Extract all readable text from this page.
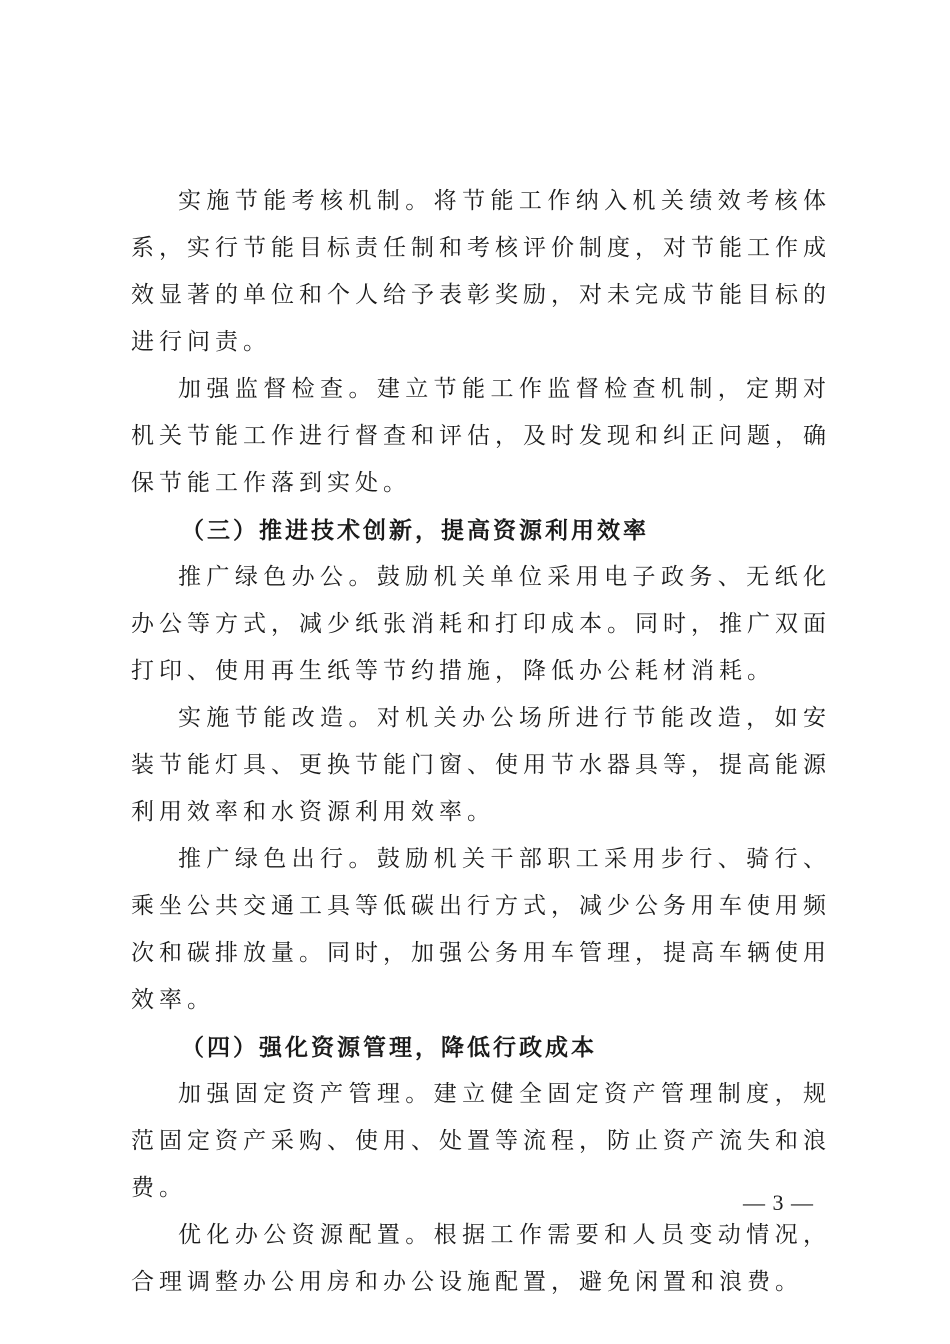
实施节能考核机制。将节能工作纳入机关绩效考核体系，实行节能目标责任制和考核评价制度，对节能工作成效显著的单位和个人给予表彰奖励，对未完成节能目标的进行问责。

加强监督检查。建立节能工作监督检查机制，定期对机关节能工作进行督查和评估，及时发现和纠正问题，确保节能工作落到实处。

（三）推进技术创新，提高资源利用效率

推广绿色办公。鼓励机关单位采用电子政务、无纸化办公等方式，减少纸张消耗和打印成本。同时，推广双面打印、使用再生纸等节约措施，降低办公耗材消耗。

实施节能改造。对机关办公场所进行节能改造，如安装节能灯具、更换节能门窗、使用节水器具等，提高能源利用效率和水资源利用效率。

推广绿色出行。鼓励机关干部职工采用步行、骑行、乘坐公共交通工具等低碳出行方式，减少公务用车使用频次和碳排放量。同时，加强公务用车管理，提高车辆使用效率。

（四）强化资源管理，降低行政成本

加强固定资产管理。建立健全固定资产管理制度，规范固定资产采购、使用、处置等流程，防止资产流失和浪费。

优化办公资源配置。根据工作需要和人员变动情况，合理调整办公用房和办公设施配置，避免闲置和浪费。

— 3 —
